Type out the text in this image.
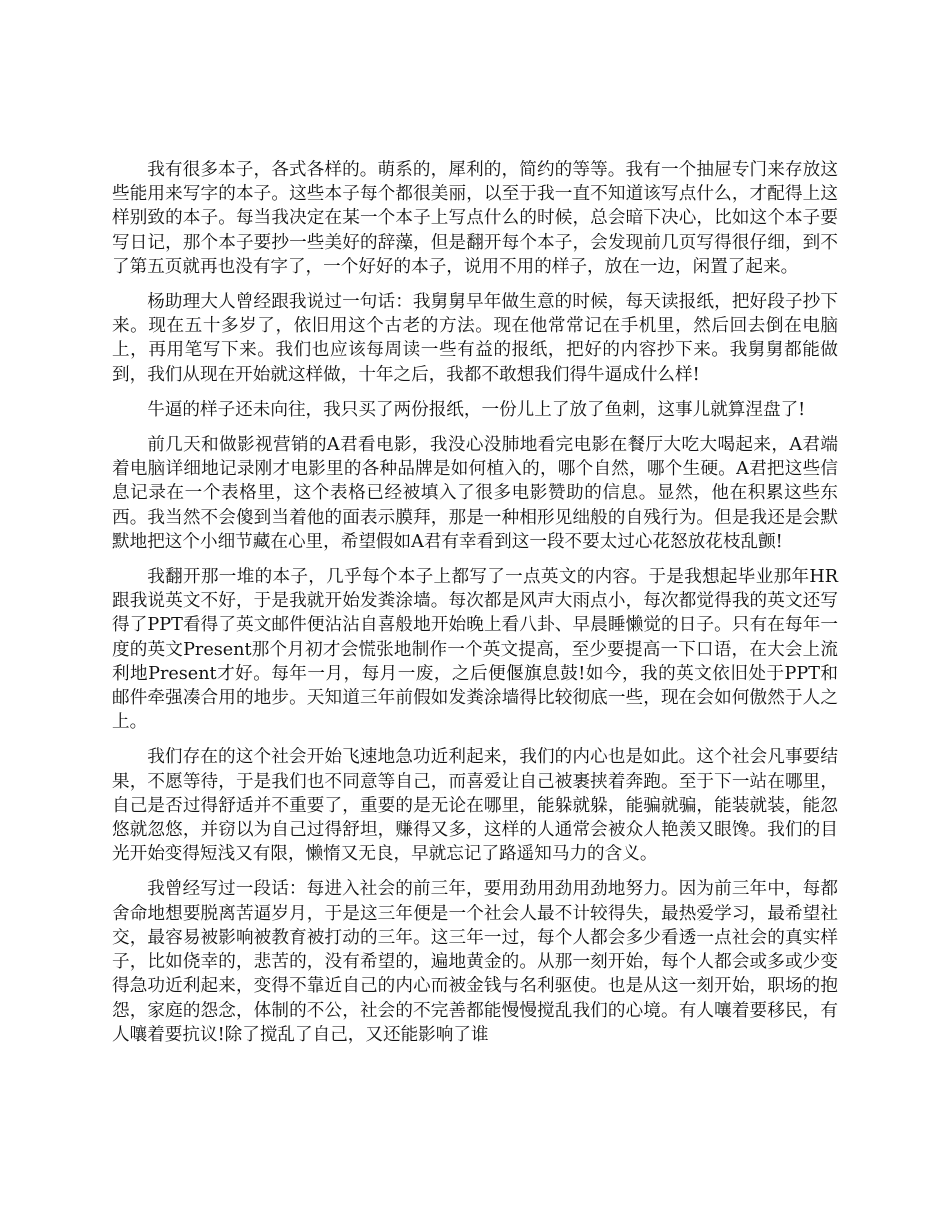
我有很多本子，各式各样的。萌系的，犀利的，简约的等等。我有一个抽屉专门来存放这些能用来写字的本子。这些本子每个都很美丽，以至于我一直不知道该写点什么，才配得上这样别致的本子。每当我决定在某一个本子上写点什么的时候，总会暗下决心，比如这个本子要写日记，那个本子要抄一些美好的辞藻，但是翻开每个本子，会发现前几页写得很仔细，到不了第五页就再也没有字了，一个好好的本子，说用不用的样子，放在一边，闲置了起来。

杨助理大人曾经跟我说过一句话：我舅舅早年做生意的时候，每天读报纸，把好段子抄下来。现在五十多岁了，依旧用这个古老的方法。现在他常常记在手机里，然后回去倒在电脑上，再用笔写下来。我们也应该每周读一些有益的报纸，把好的内容抄下来。我舅舅都能做到，我们从现在开始就这样做，十年之后，我都不敢想我们得牛逼成什么样!

牛逼的样子还未向往，我只买了两份报纸，一份儿上了放了鱼刺，这事儿就算涅盘了!

前几天和做影视营销的A君看电影，我没心没肺地看完电影在餐厅大吃大喝起来，A君端着电脑详细地记录刚才电影里的各种品牌是如何植入的，哪个自然，哪个生硬。A君把这些信息记录在一个表格里，这个表格已经被填入了很多电影赞助的信息。显然，他在积累这些东西。我当然不会傻到当着他的面表示膜拜，那是一种相形见绌般的自残行为。但是我还是会默默地把这个小细节藏在心里，希望假如A君有幸看到这一段不要太过心花怒放花枝乱颤!

我翻开那一堆的本子，几乎每个本子上都写了一点英文的内容。于是我想起毕业那年HR跟我说英文不好，于是我就开始发粪涂墙。每次都是风声大雨点小，每次都觉得我的英文还写得了PPT看得了英文邮件便沾沾自喜般地开始晚上看八卦、早晨睡懒觉的日子。只有在每年一度的英文Present那个月初才会慌张地制作一个英文提高，至少要提高一下口语，在大会上流利地Present才好。每年一月，每月一废，之后便偃旗息鼓!如今，我的英文依旧处于PPT和邮件牵强凑合用的地步。天知道三年前假如发粪涂墙得比较彻底一些，现在会如何傲然于人之上。

我们存在的这个社会开始飞速地急功近利起来，我们的内心也是如此。这个社会凡事要结果，不愿等待，于是我们也不同意等自己，而喜爱让自己被裹挟着奔跑。至于下一站在哪里，自己是否过得舒适并不重要了，重要的是无论在哪里，能躲就躲，能骗就骗，能装就装，能忽悠就忽悠，并窃以为自己过得舒坦，赚得又多，这样的人通常会被众人艳羡又眼馋。我们的目光开始变得短浅又有限，懒惰又无良，早就忘记了路遥知马力的含义。

我曾经写过一段话：每进入社会的前三年，要用劲用劲用劲地努力。因为前三年中，每都舍命地想要脱离苦逼岁月，于是这三年便是一个社会人最不计较得失，最热爱学习，最希望社交，最容易被影响被教育被打动的三年。这三年一过，每个人都会多少看透一点社会的真实样子，比如侥幸的，悲苦的，没有希望的，遍地黄金的。从那一刻开始，每个人都会或多或少变得急功近利起来，变得不靠近自己的内心而被金钱与名利驱使。也是从这一刻开始，职场的抱怨，家庭的怨念，体制的不公，社会的不完善都能慢慢搅乱我们的心境。有人嚷着要移民，有人嚷着要抗议!除了搅乱了自己，又还能影响了谁
